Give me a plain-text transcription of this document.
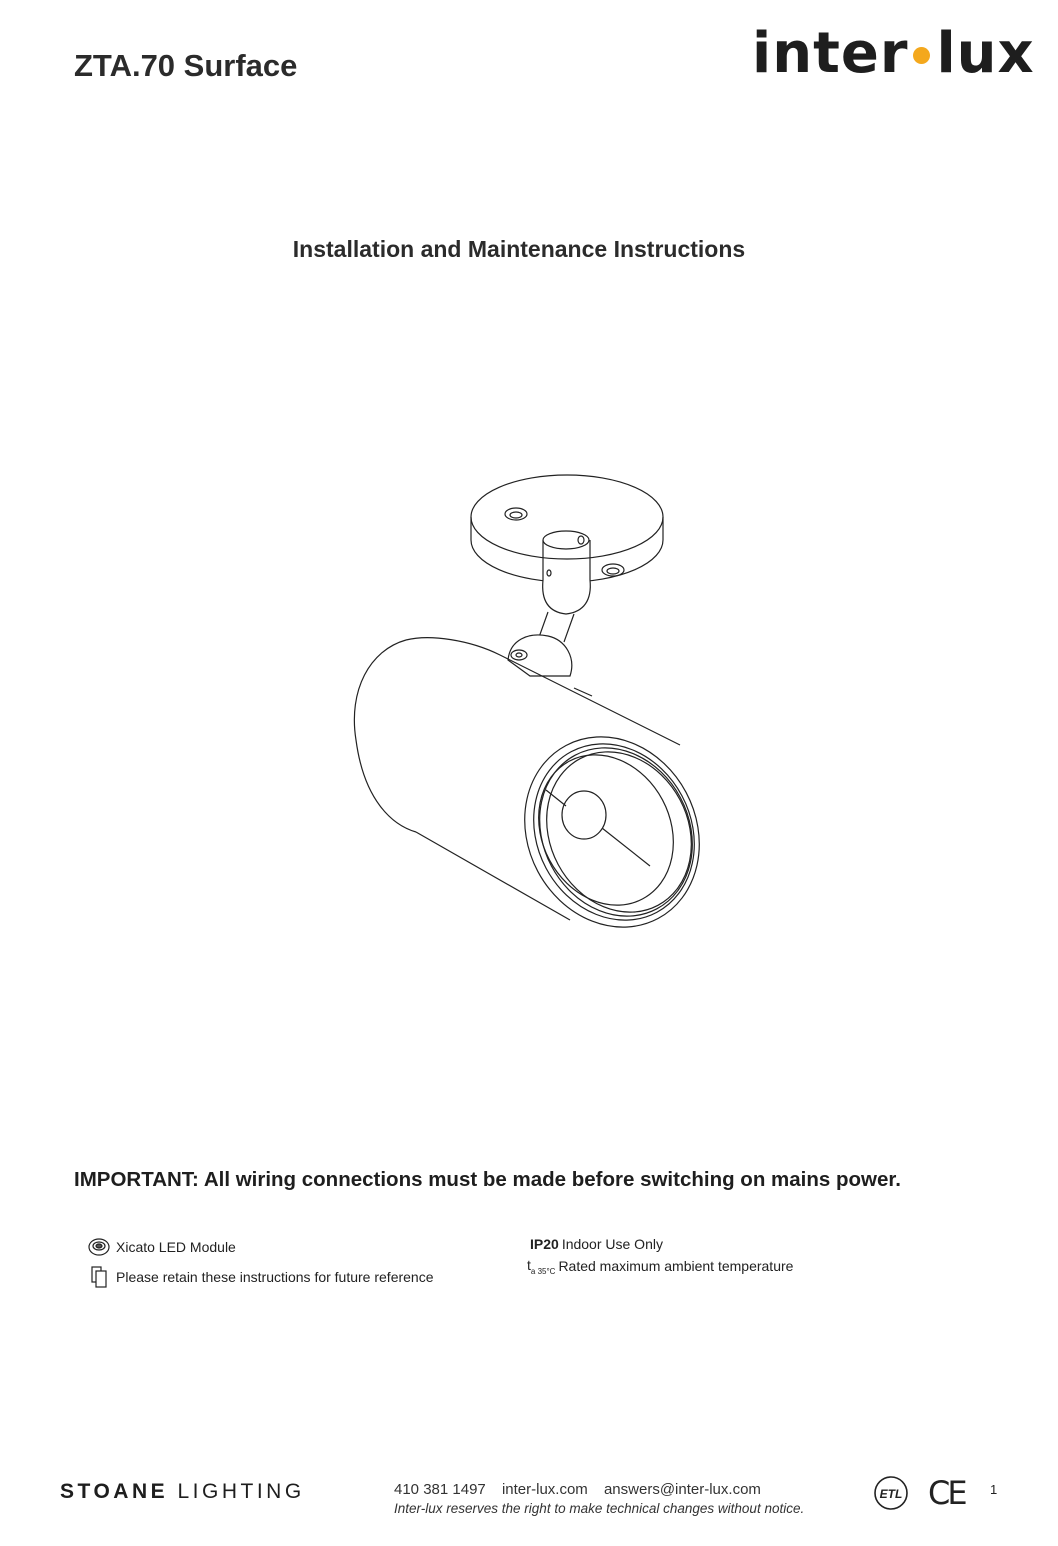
ZTA.70 Surface	inter lux
Installation and Maintenance Instructions
IMPORTANT: All wiring connections must be made before switching on mains power.
Xicato LED Module
Please retain these instructions for future reference
IP20 Indoor Use Only
$t_{a 35^\circ C}$ Rated maximum ambient temperature
STOANE LIGHTING	410 381 1497 inter-lux.com answers@inter-lux.com
Inter-lux reserves the right to make technical changes without notice.
ETL CE 1
